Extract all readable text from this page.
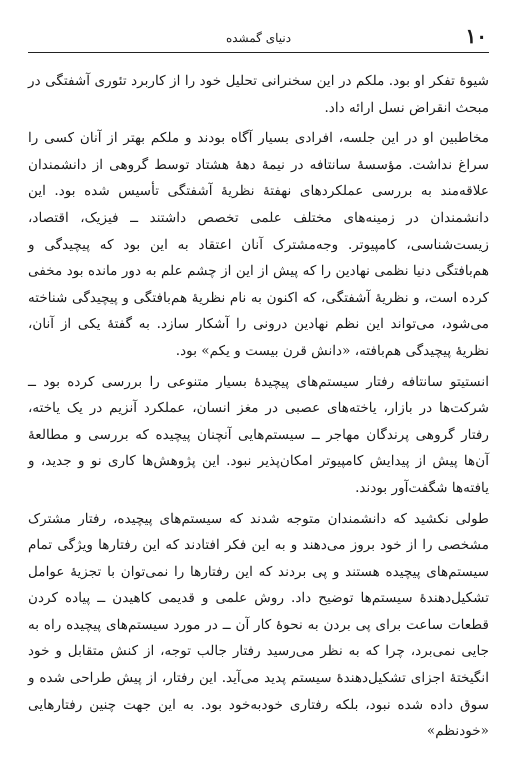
۱۰
دنیای گمشده

شیوهٔ تفکر او بود. ملکم در این سخنرانی تحلیل خود را از کاربرد تئوری آشفتگی در مبحث انقراض نسل ارائه داد.

مخاطبین او در این جلسه، افرادی بسیار آگاه بودند و ملکم بهتر از آنان کسی را سراغ نداشت. مؤسسهٔ سانتافه در نیمهٔ دههٔ هشتاد توسط گروهی از دانشمندان علاقه‌مند به بررسی عملکردهای نهفتهٔ نظریهٔ آشفتگی تأسیس شده بود. این دانشمندان در زمینه‌های مختلف علمی تخصص داشتند ــ فیزیک، اقتصاد، زیست‌شناسی، کامپیوتر. وجه‌مشترک آنان اعتقاد به این بود که پیچیدگی و هم‌بافتگی دنیا نظمی نهادین را که پیش از این از چشم علم به دور مانده بود مخفی کرده است، و نظریهٔ آشفتگی، که اکنون به نام نظریهٔ هم‌بافتگی و پیچیدگی شناخته می‌شود، می‌تواند این نظم نهادین درونی را آشکار سازد. به گفتهٔ یکی از آنان، نظریهٔ پیچیدگی هم‌بافته، «دانش قرن بیست و یکم» بود.

انستیتو سانتافه رفتار سیستم‌های پیچیدهٔ بسیار متنوعی را بررسی کرده بود ــ شرکت‌ها در بازار، یاخته‌های عصبی در مغز انسان، عملکرد آنزیم در یک یاخته، رفتار گروهی پرندگان مهاجر ــ سیستم‌هایی آنچنان پیچیده که بررسی و مطالعهٔ آن‌ها پیش از پیدایش کامپیوتر امکان‌پذیر نبود. این پژوهش‌ها کاری نو و جدید، و یافته‌ها شگفت‌آور بودند.

طولی نکشید که دانشمندان متوجه شدند که سیستم‌های پیچیده، رفتار مشترک مشخصی را از خود بروز می‌دهند و به این فکر افتادند که این رفتارها ویژگی تمام سیستم‌های پیچیده هستند و پی بردند که این رفتارها را نمی‌توان با تجزیهٔ عوامل تشکیل‌دهندهٔ سیستم‌ها توضیح داد. روش علمی و قدیمی کاهیدن ــ پیاده کردن قطعات ساعت برای پی بردن به نحوهٔ کار آن ــ در مورد سیستم‌های پیچیده راه به جایی نمی‌برد، چرا که به نظر می‌رسید رفتار جالب توجه، از کنش متقابل و خود انگیختهٔ اجزای تشکیل‌دهندهٔ سیستم پدید می‌آید. این رفتار، از پیش طراحی شده و سوق داده شده نبود، بلکه رفتاری خودبه‌خود بود. به این جهت چنین رفتارهایی «خودنظم»
